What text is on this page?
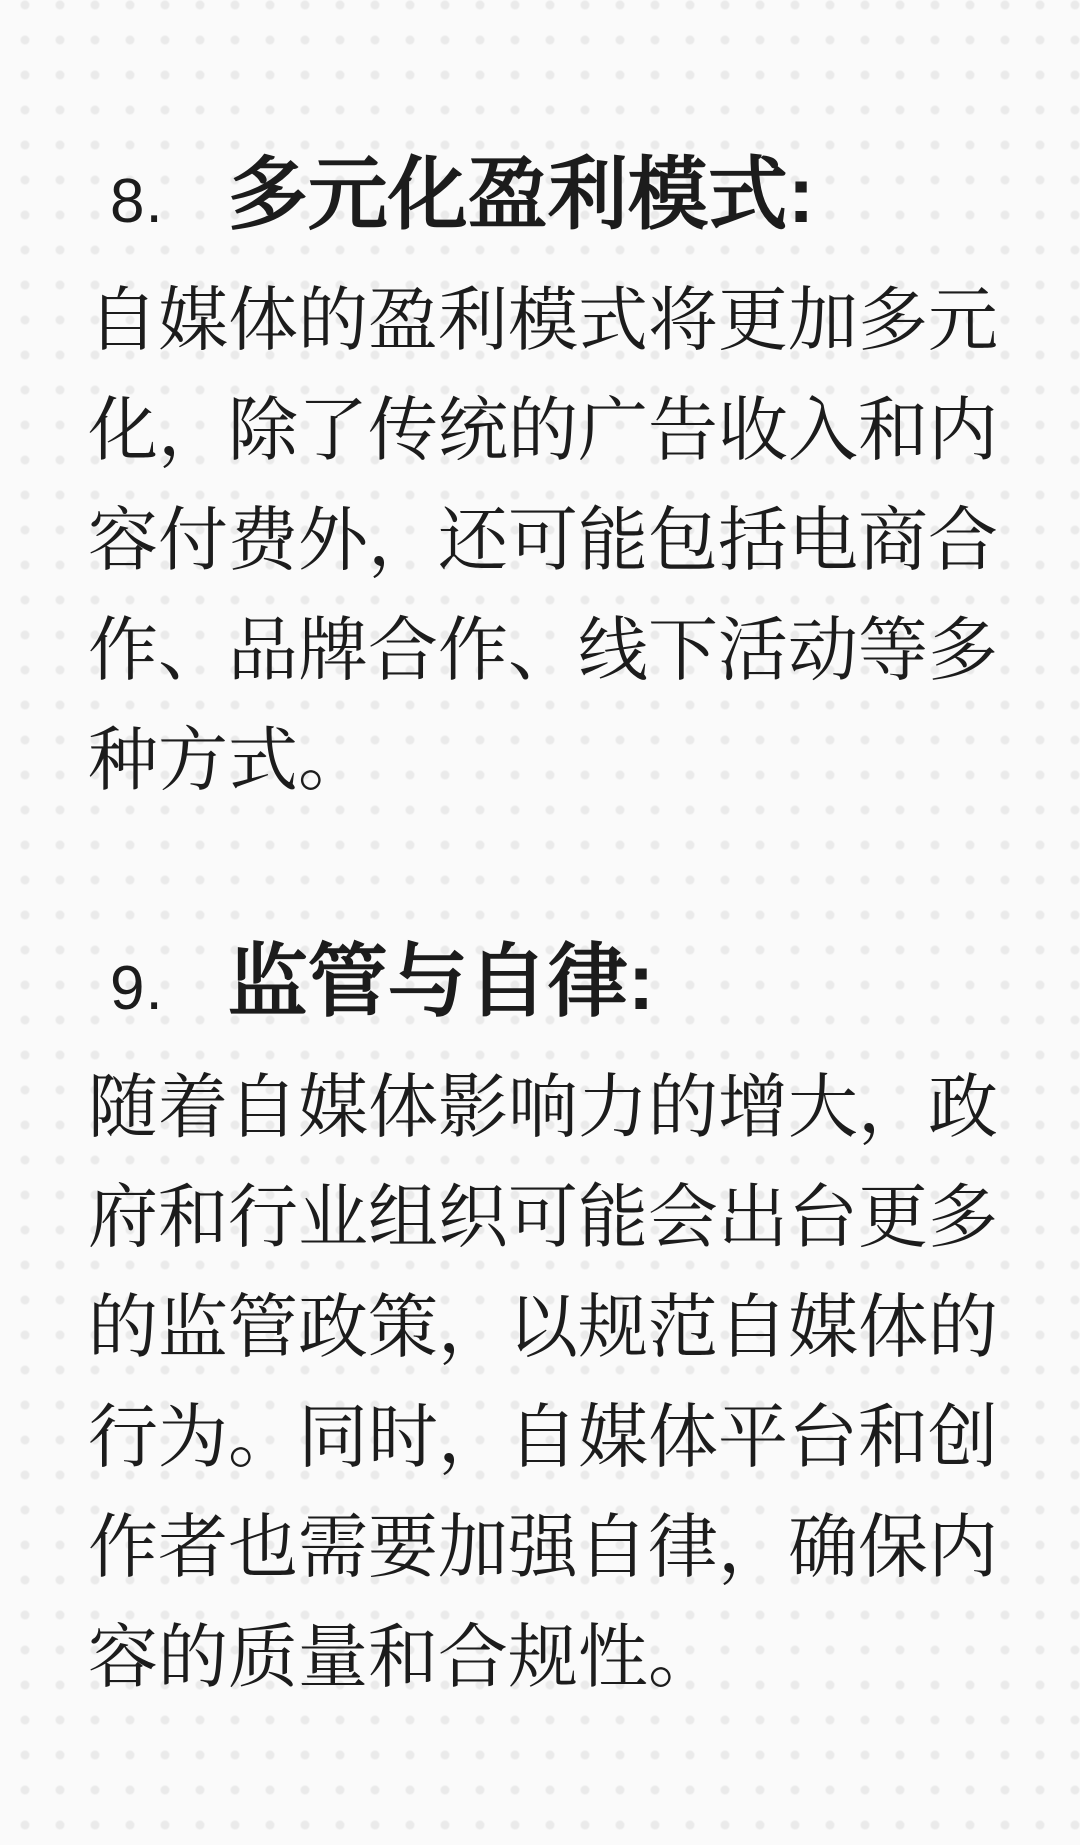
8. 多元化盈利模式:
自媒体的盈利模式将更加多元
化，除了传统的广告收入和内
容付费外，还可能包括电商合
作、品牌合作、线下活动等多
种方式。
9. 监管与自律:
随着自媒体影响力的增大，政
府和行业组织可能会出台更多
的监管政策，以规范自媒体的
行为。同时，自媒体平台和创
作者也需要加强自律，确保内
容的质量和合规性。
